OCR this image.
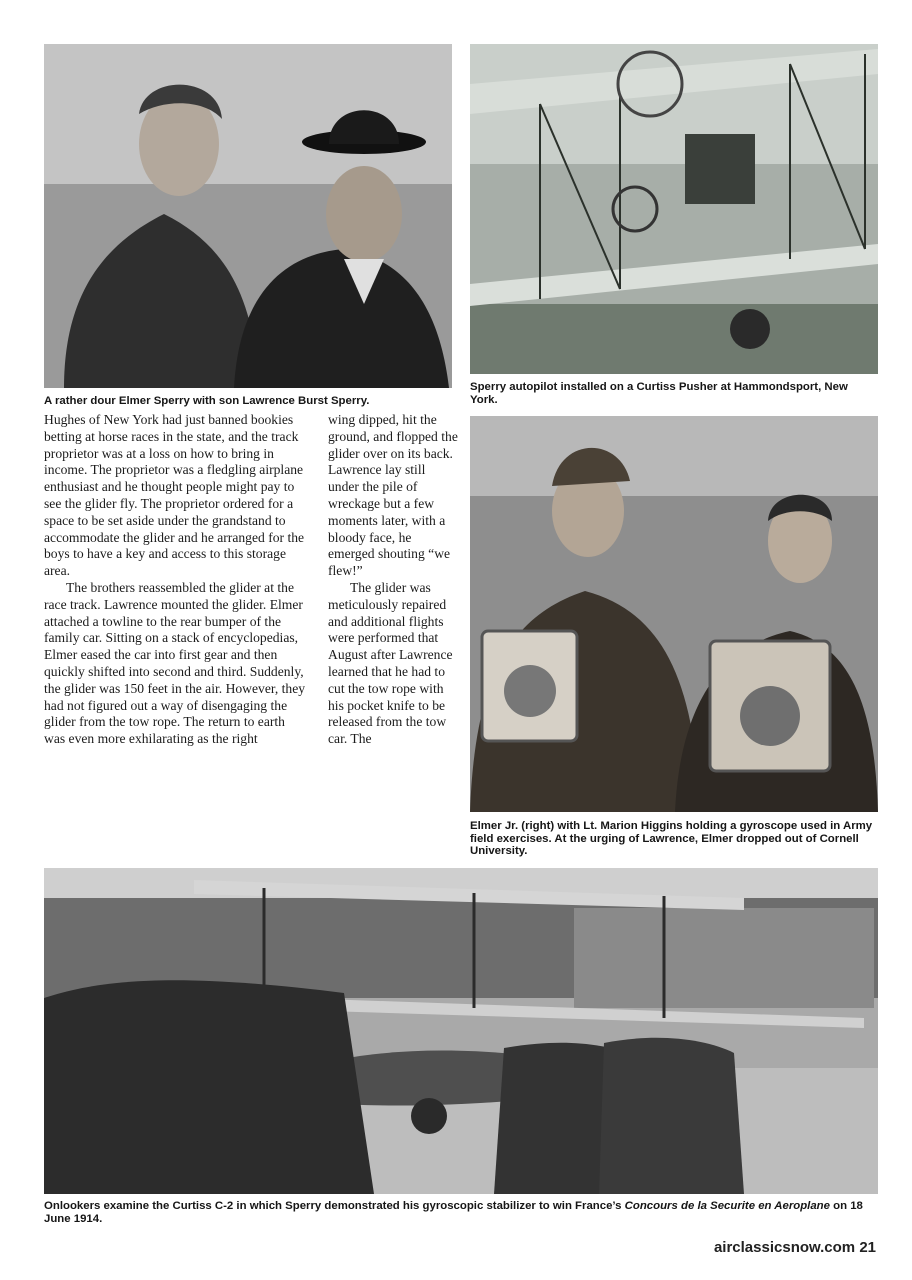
A rather dour Elmer Sperry with son Lawrence Burst Sperry.
Sperry autopilot installed on a Curtiss Pusher at Hammondsport, New York.
Elmer Jr. (right) with Lt. Marion Higgins holding a gyroscope used in Army field exercises. At the urging of Lawrence, Elmer dropped out of Cornell University.

Hughes of New York had just banned bookies betting at horse races in the state, and the track proprietor was at a loss on how to bring in income. The proprietor was a fledgling airplane enthusiast and he thought people might pay to see the glider fly. The proprietor ordered for a space to be set aside under the grandstand to accommodate the glider and he arranged for the boys to have a key and access to this storage area.

The brothers reassembled the glider at the race track. Lawrence mounted the glider. Elmer attached a towline to the rear bumper of the family car. Sitting on a stack of encyclopedias, Elmer eased the car into first gear and then quickly shifted into second and third. Suddenly, the glider was 150 feet in the air. However, they had not figured out a way of disengaging the glider from the tow rope. The return to earth was even more exhilarating as the right

wing dipped, hit the ground, and flopped the glider over on its back. Lawrence lay still under the pile of wreckage but a few moments later, with a bloody face, he emerged shouting “we flew!”

The glider was meticulously repaired and additional flights were performed that August after Lawrence learned that he had to cut the tow rope with his pocket knife to be released from the tow car. The

Onlookers examine the Curtiss C-2 in which Sperry demonstrated his gyroscopic stabilizer to win France’s Concours de la Securite en Aeroplane on 18 June 1914.
airclassicsnow.com 21
